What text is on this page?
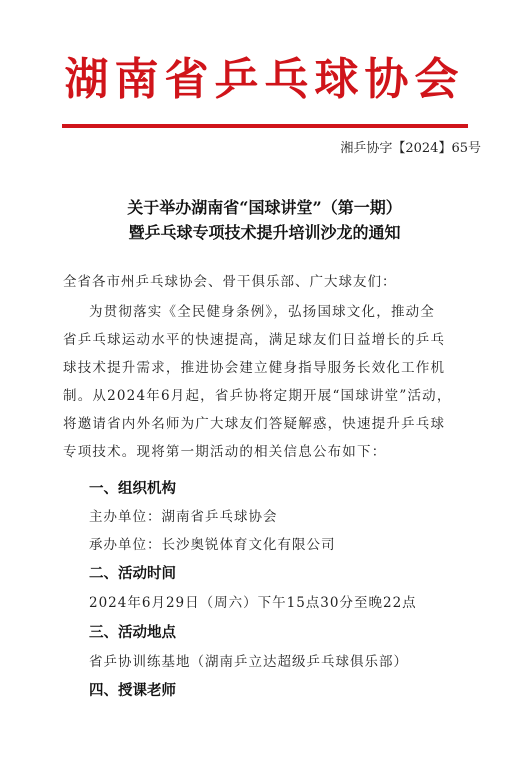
湖南省乒乓球协会
湘乒协字【2024】65号
关于举办湖南省“国球讲堂”（第一期）
暨乒乓球专项技术提升培训沙龙的通知
全省各市州乒乓球协会、骨干俱乐部、广大球友们：
为贯彻落实《全民健身条例》，弘扬国球文化，推动全
省乒乓球运动水平的快速提高，满足球友们日益增长的乒乓
球技术提升需求，推进协会建立健身指导服务长效化工作机
制。从2024年6月起，省乒协将定期开展“国球讲堂”活动，
将邀请省内外名师为广大球友们答疑解惑，快速提升乒乓球
专项技术。现将第一期活动的相关信息公布如下：
一、组织机构
主办单位：湖南省乒乓球协会
承办单位：长沙奥锐体育文化有限公司
二、活动时间
2024年6月29日（周六）下午15点30分至晚22点
三、活动地点
省乒协训练基地（湖南乒立达超级乒乓球俱乐部）
四、授课老师
